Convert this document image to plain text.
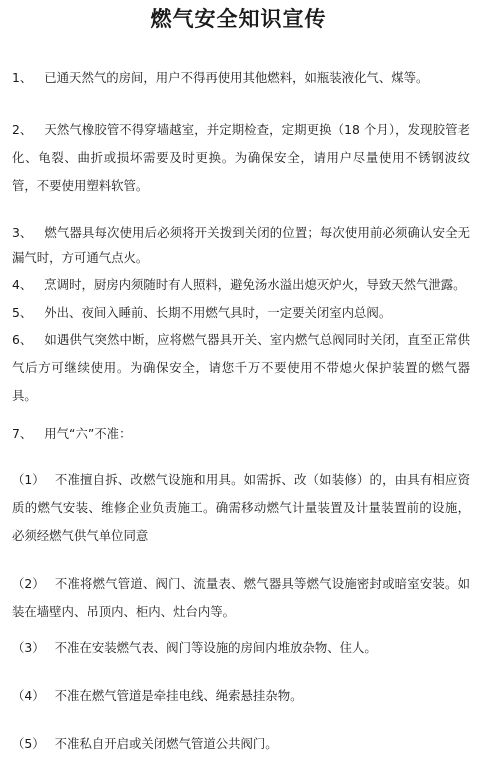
燃气安全知识宣传
1、 已通天然气的房间，用户不得再使用其他燃料，如瓶装液化气、煤等。
2、 天然气橡胶管不得穿墙越室，并定期检查，定期更换（18 个月），发现胶管老化、龟裂、曲折或损坏需要及时更换。为确保安全，请用户尽量使用不锈钢波纹管，不要使用塑料软管。
3、 燃气器具每次使用后必须将开关拨到关闭的位置；每次使用前必须确认安全无漏气时，方可通气点火。
4、 烹调时，厨房内须随时有人照料，避免汤水溢出熄灭炉火，导致天然气泄露。
5、 外出、夜间入睡前、长期不用燃气具时，一定要关闭室内总阀。
6、 如遇供气突然中断，应将燃气器具开关、室内燃气总阀同时关闭，直至正常供气后方可继续使用。为确保安全，请您千万不要使用不带熄火保护装置的燃气器具。
7、 用气“六”不准：
（1） 不准擅自拆、改燃气设施和用具。如需拆、改（如装修）的，由具有相应资质的燃气安装、维修企业负责施工。确需移动燃气计量装置及计量装置前的设施，必须经燃气供气单位同意
（2） 不准将燃气管道、阀门、流量表、燃气器具等燃气设施密封或暗室安装。如装在墙壁内、吊顶内、柜内、灶台内等。
（3） 不准在安装燃气表、阀门等设施的房间内堆放杂物、住人。
（4） 不准在燃气管道是牵挂电线、绳索悬挂杂物。
（5） 不准私自开启或关闭燃气管道公共阀门。
